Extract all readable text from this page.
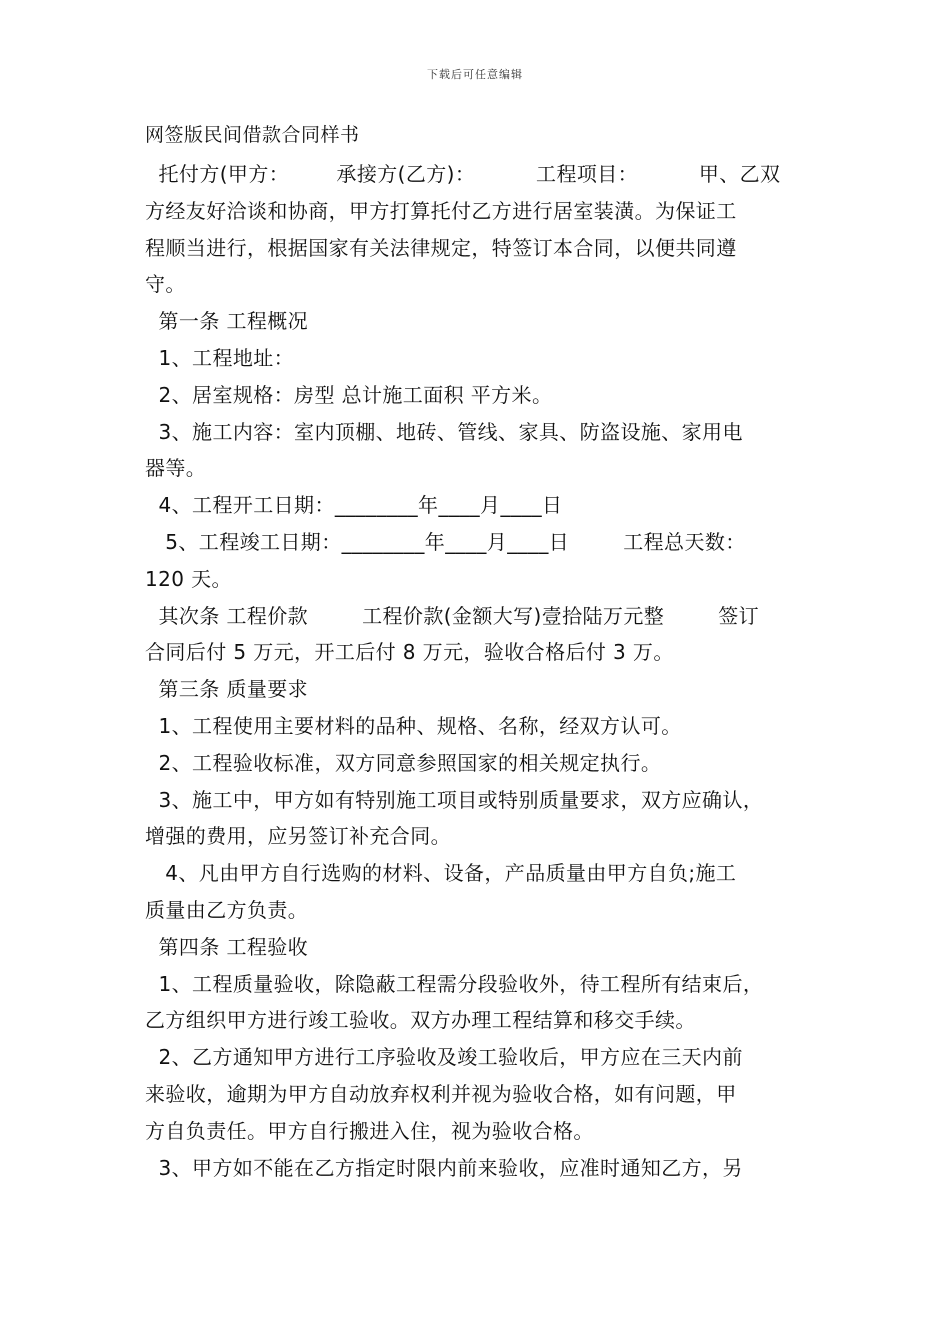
下载后可任意编辑
网签版民间借款合同样书
托付方(甲方：       承接方(乙方)：         工程项目：         甲、乙双
方经友好洽谈和协商，甲方打算托付乙方进行居室装潢。为保证工
程顺当进行，根据国家有关法律规定，特签订本合同，以便共同遵
守。
第一条 工程概况
1、工程地址：
2、居室规格：房型 总计施工面积 平方米。
3、施工内容：室内顶棚、地砖、管线、家具、防盗设施、家用电
器等。
4、工程开工日期：________年____月____日
5、工程竣工日期：________年____月____日        工程总天数：
120 天。
其次条 工程价款        工程价款(金额大写)壹拾陆万元整        签订
合同后付 5 万元，开工后付 8 万元，验收合格后付 3 万。
第三条 质量要求
1、工程使用主要材料的品种、规格、名称，经双方认可。
2、工程验收标准，双方同意参照国家的相关规定执行。
3、施工中，甲方如有特别施工项目或特别质量要求，双方应确认，
增强的费用，应另签订补充合同。
4、凡由甲方自行选购的材料、设备，产品质量由甲方自负;施工
质量由乙方负责。
第四条 工程验收
1、工程质量验收，除隐蔽工程需分段验收外，待工程所有结束后，
乙方组织甲方进行竣工验收。双方办理工程结算和移交手续。
2、乙方通知甲方进行工序验收及竣工验收后，甲方应在三天内前
来验收，逾期为甲方自动放弃权利并视为验收合格，如有问题，甲
方自负责任。甲方自行搬进入住，视为验收合格。
3、甲方如不能在乙方指定时限内前来验收，应准时通知乙方，另
